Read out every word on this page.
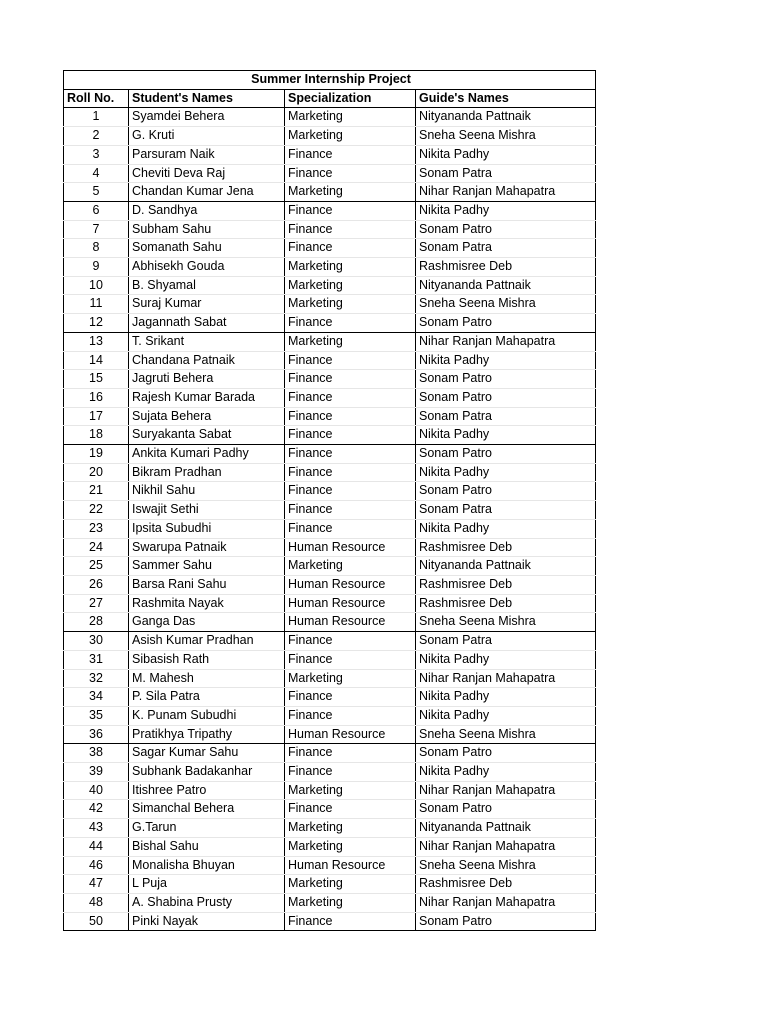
Summer Internship Project			
Roll No.	Student's Names	Specialization	Guide's Names
1	Syamdei Behera	Marketing	Nityananda Pattnaik
2	G. Kruti	Marketing	Sneha Seena Mishra
3	Parsuram Naik	Finance	Nikita Padhy
4	Cheviti Deva Raj	Finance	Sonam Patra
5	Chandan Kumar Jena	Marketing	Nihar Ranjan Mahapatra
6	D. Sandhya	Finance	Nikita Padhy
7	Subham Sahu	Finance	Sonam Patro
8	Somanath Sahu	Finance	Sonam Patra
9	Abhisekh Gouda	Marketing	Rashmisree Deb
10	B. Shyamal	Marketing	Nityananda Pattnaik
11	Suraj Kumar	Marketing	Sneha Seena Mishra
12	Jagannath Sabat	Finance	Sonam Patro
13	T. Srikant	Marketing	Nihar Ranjan Mahapatra
14	Chandana Patnaik	Finance	Nikita Padhy
15	Jagruti Behera	Finance	Sonam Patro
16	Rajesh Kumar Barada	Finance	Sonam Patro
17	Sujata Behera	Finance	Sonam Patra
18	Suryakanta Sabat	Finance	Nikita Padhy
19	Ankita Kumari Padhy	Finance	Sonam Patro
20	Bikram Pradhan	Finance	Nikita Padhy
21	Nikhil Sahu	Finance	Sonam Patro
22	Iswajit Sethi	Finance	Sonam Patra
23	Ipsita Subudhi	Finance	Nikita Padhy
24	Swarupa Patnaik	Human Resource	Rashmisree Deb
25	Sammer Sahu	Marketing	Nityananda Pattnaik
26	Barsa Rani Sahu	Human Resource	Rashmisree Deb
27	Rashmita Nayak	Human Resource	Rashmisree Deb
28	Ganga Das	Human Resource	Sneha Seena Mishra
30	Asish Kumar Pradhan	Finance	Sonam Patra
31	Sibasish Rath	Finance	Nikita Padhy
32	M. Mahesh	Marketing	Nihar Ranjan Mahapatra
34	P. Sila Patra	Finance	Nikita Padhy
35	K. Punam Subudhi	Finance	Nikita Padhy
36	Pratikhya Tripathy	Human Resource	Sneha Seena Mishra
38	Sagar Kumar Sahu	Finance	Sonam Patro
39	Subhank Badakanhar	Finance	Nikita Padhy
40	Itishree Patro	Marketing	Nihar Ranjan Mahapatra
42	Simanchal Behera	Finance	Sonam Patro
43	G.Tarun	Marketing	Nityananda Pattnaik
44	Bishal Sahu	Marketing	Nihar Ranjan Mahapatra
46	Monalisha Bhuyan	Human Resource	Sneha Seena Mishra
47	L Puja	Marketing	Rashmisree Deb
48	A. Shabina Prusty	Marketing	Nihar Ranjan Mahapatra
50	Pinki Nayak	Finance	Sonam Patro
